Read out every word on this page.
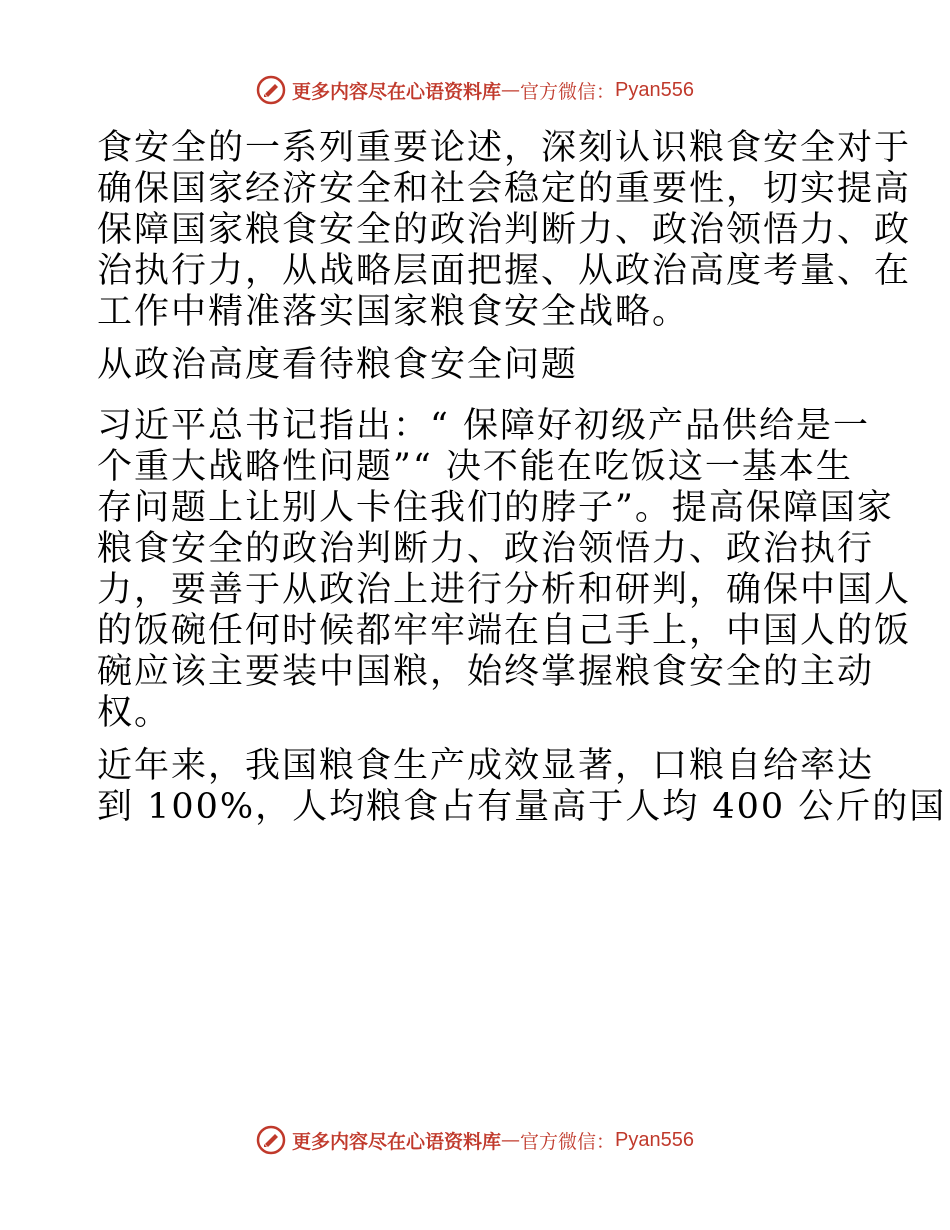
更多内容尽在心语资料库 — 官方微信： Pyan556

食安全的一系列重要论述，深刻认识粮食安全对于

确保国家经济安全和社会稳定的重要性，切实提高

保障国家粮食安全的政治判断力、政治领悟力、政

治执行力，从战略层面把握、从政治高度考量、在

工作中精准落实国家粮食安全战略。

从政治高度看待粮食安全问题

习近平总书记指出：“ 保障好初级产品供给是一

个重大战略性问题”“ 决不能在吃饭这一基本生

存问题上让别人卡住我们的脖子”。提高保障国家

粮食安全的政治判断力、政治领悟力、政治执行

力，要善于从政治上进行分析和研判，确保中国人

的饭碗任何时候都牢牢端在自己手上，中国人的饭

碗应该主要装中国粮，始终掌握粮食安全的主动

权。

近年来，我国粮食生产成效显著，口粮自给率达

到 100%，人均粮食占有量高于人均 400 公斤的国

更多内容尽在心语资料库 — 官方微信： Pyan556
